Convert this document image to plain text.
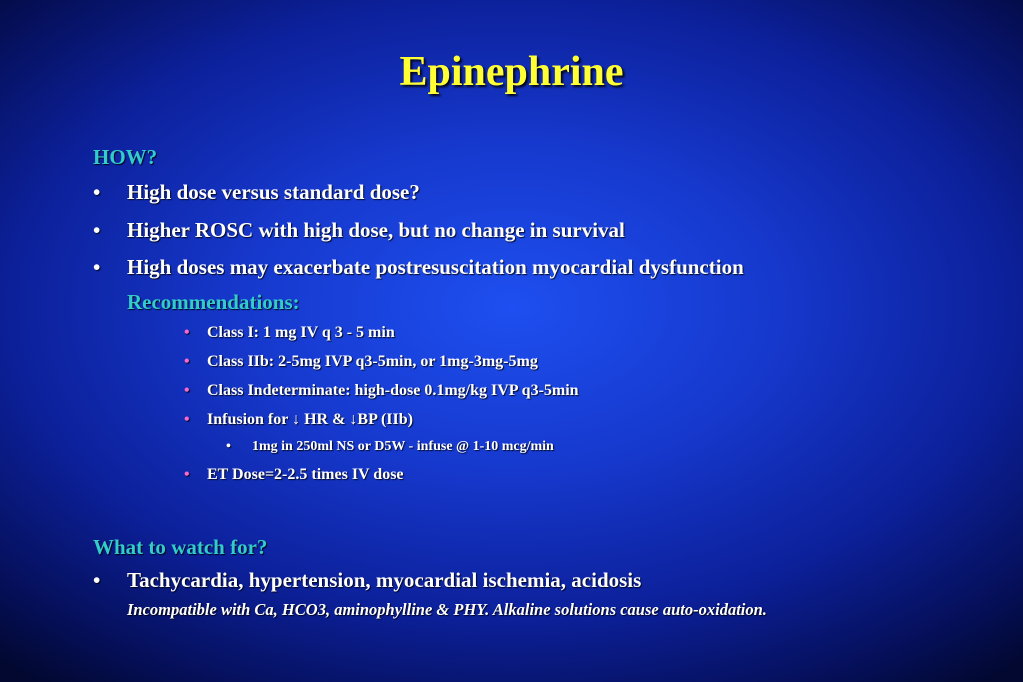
Epinephrine
HOW?
• High dose versus standard dose?
• Higher ROSC with high dose, but no change in survival
• High doses may exacerbate postresuscitation myocardial dysfunction
Recommendations:
• Class I: 1 mg IV q 3 - 5 min
• Class IIb: 2-5mg IVP q3-5min, or 1mg-3mg-5mg
• Class Indeterminate: high-dose 0.1mg/kg IVP q3-5min
• Infusion for ↓ HR & ↓BP (IIb)
• 1mg in 250ml NS or D5W - infuse @ 1-10 mcg/min
• ET Dose=2-2.5 times IV dose
What to watch for?
• Tachycardia, hypertension, myocardial ischemia, acidosis
Incompatible with Ca, HCO3, aminophylline & PHY. Alkaline solutions cause auto-oxidation.
